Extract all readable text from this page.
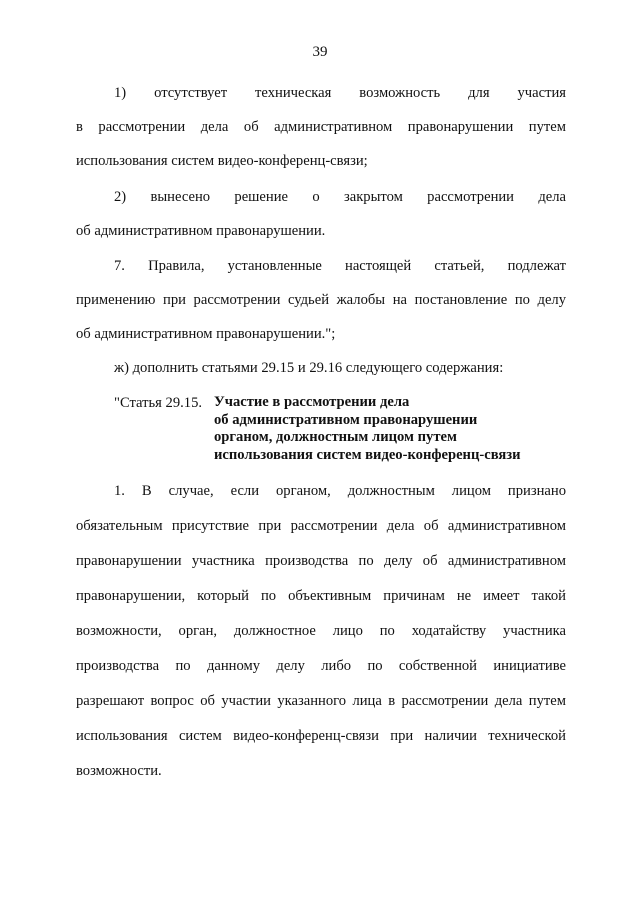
39
1) отсутствует техническая возможность для участия
в рассмотрении дела об административном правонарушении путем
использования систем видео-конференц-связи;
2) вынесено решение о закрытом рассмотрении дела
об административном правонарушении.
7. Правила, установленные настоящей статьей, подлежат
применению при рассмотрении судьей жалобы на постановление по делу
об административном правонарушении.";
ж) дополнить статьями 29.15 и 29.16 следующего содержания:
"Статья 29.15. Участие в рассмотрении дела
об административном правонарушении
органом, должностным лицом путем
использования систем видео-конференц-связи
1. В случае, если органом, должностным лицом признано
обязательным присутствие при рассмотрении дела об административном
правонарушении участника производства по делу об административном
правонарушении, который по объективным причинам не имеет такой
возможности, орган, должностное лицо по ходатайству участника
производства по данному делу либо по собственной инициативе
разрешают вопрос об участии указанного лица в рассмотрении дела путем
использования систем видео-конференц-связи при наличии технической
возможности.
